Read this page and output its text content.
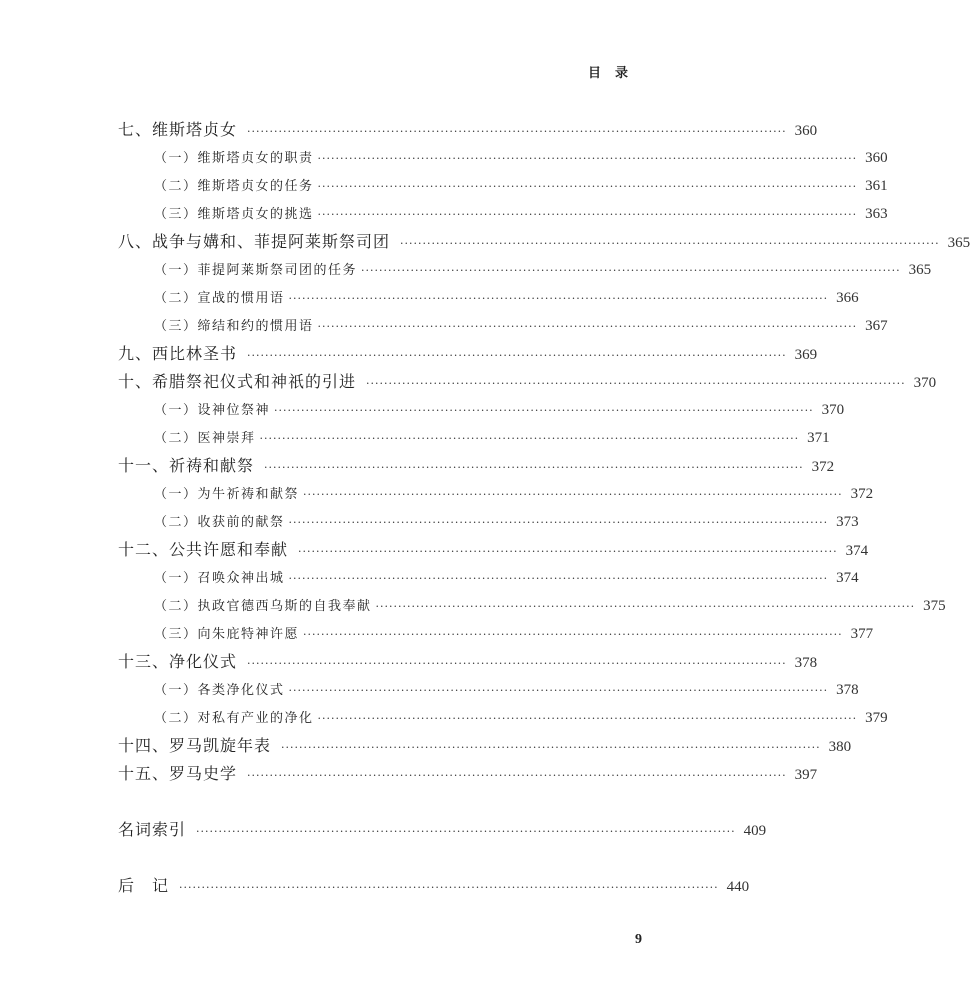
目录
七、维斯塔贞女 ························································································································ 360
（一）维斯塔贞女的职责 ························································································································ 360
（二）维斯塔贞女的任务 ························································································································ 361
（三）维斯塔贞女的挑选 ························································································································ 363
八、战争与媾和、菲提阿莱斯祭司团 ························································································································ 365
（一）菲提阿莱斯祭司团的任务 ························································································································ 365
（二）宣战的惯用语 ························································································································ 366
（三）缔结和约的惯用语 ························································································································ 367
九、西比林圣书 ························································································································ 369
十、希腊祭祀仪式和神祇的引进 ························································································································ 370
（一）设神位祭神 ························································································································ 370
（二）医神崇拜 ························································································································ 371
十一、祈祷和献祭 ························································································································ 372
（一）为牛祈祷和献祭 ························································································································ 372
（二）收获前的献祭 ························································································································ 373
十二、公共许愿和奉献 ························································································································ 374
（一）召唤众神出城 ························································································································ 374
（二）执政官德西乌斯的自我奉献 ························································································································ 375
（三）向朱庇特神许愿 ························································································································ 377
十三、净化仪式 ························································································································ 378
（一）各类净化仪式 ························································································································ 378
（二）对私有产业的净化 ························································································································ 379
十四、罗马凯旋年表 ························································································································ 380
十五、罗马史学 ························································································································ 397
名词索引 ························································································································ 409
后　记 ························································································································ 440
9
